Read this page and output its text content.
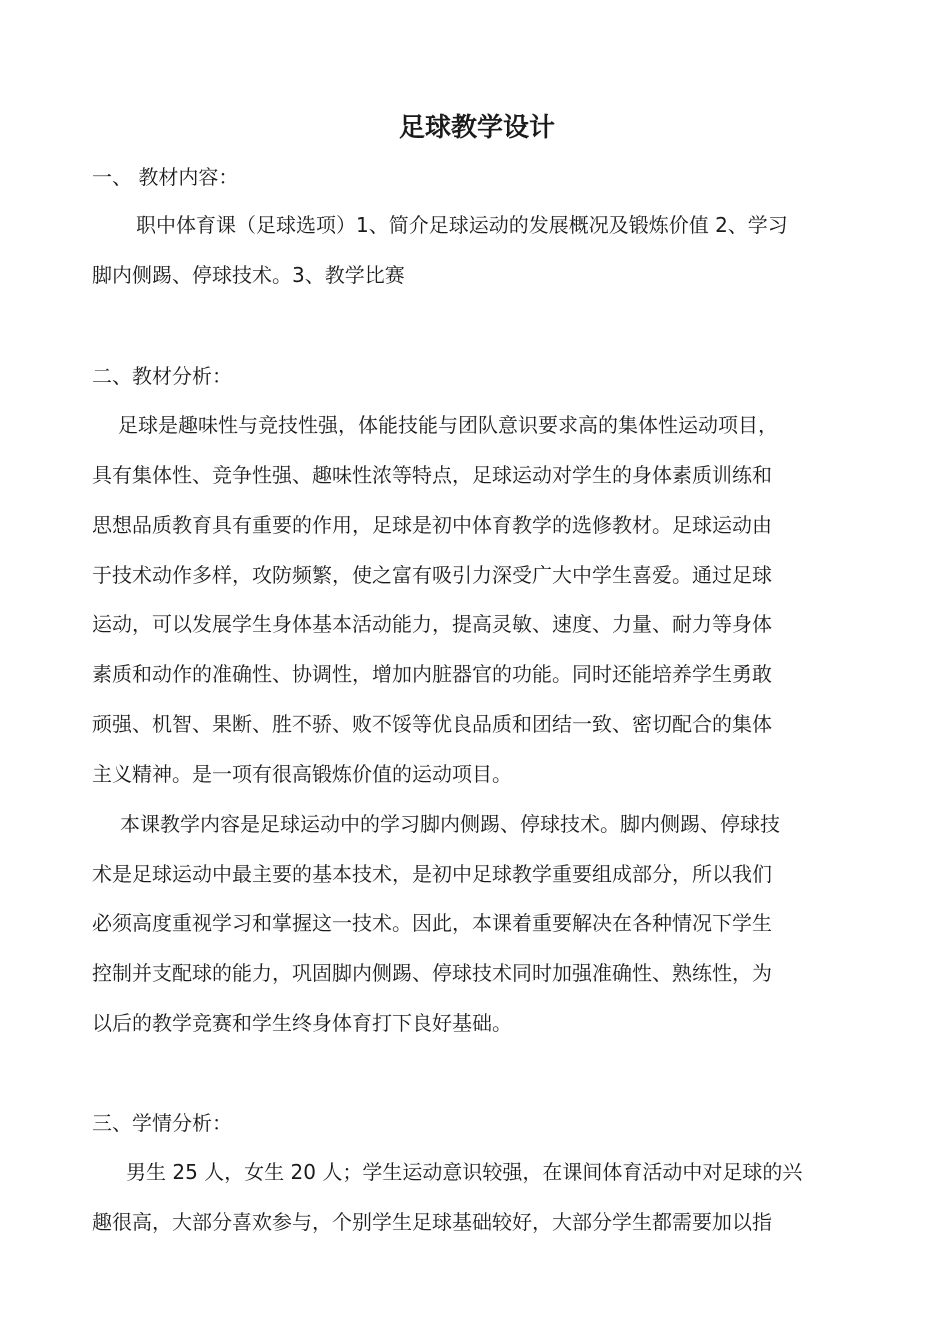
足球教学设计
一、 教材内容：
职中体育课（足球选项）1、简介足球运动的发展概况及锻炼价值 2、学习
脚内侧踢、停球技术。3、教学比赛
二、教材分析：
足球是趣味性与竞技性强，体能技能与团队意识要求高的集体性运动项目，
具有集体性、竞争性强、趣味性浓等特点，足球运动对学生的身体素质训练和
思想品质教育具有重要的作用，足球是初中体育教学的选修教材。足球运动由
于技术动作多样，攻防频繁，使之富有吸引力深受广大中学生喜爱。通过足球
运动，可以发展学生身体基本活动能力，提高灵敏、速度、力量、耐力等身体
素质和动作的准确性、协调性，增加内脏器官的功能。同时还能培养学生勇敢
顽强、机智、果断、胜不骄、败不馁等优良品质和团结一致、密切配合的集体
主义精神。是一项有很高锻炼价值的运动项目。
本课教学内容是足球运动中的学习脚内侧踢、停球技术。脚内侧踢、停球技
术是足球运动中最主要的基本技术，是初中足球教学重要组成部分，所以我们
必须高度重视学习和掌握这一技术。因此，本课着重要解决在各种情况下学生
控制并支配球的能力，巩固脚内侧踢、停球技术同时加强准确性、熟练性，为
以后的教学竞赛和学生终身体育打下良好基础。
三、学情分析：
男生 25 人，女生 20 人；学生运动意识较强，在课间体育活动中对足球的兴
趣很高，大部分喜欢参与，个别学生足球基础较好，大部分学生都需要加以指
